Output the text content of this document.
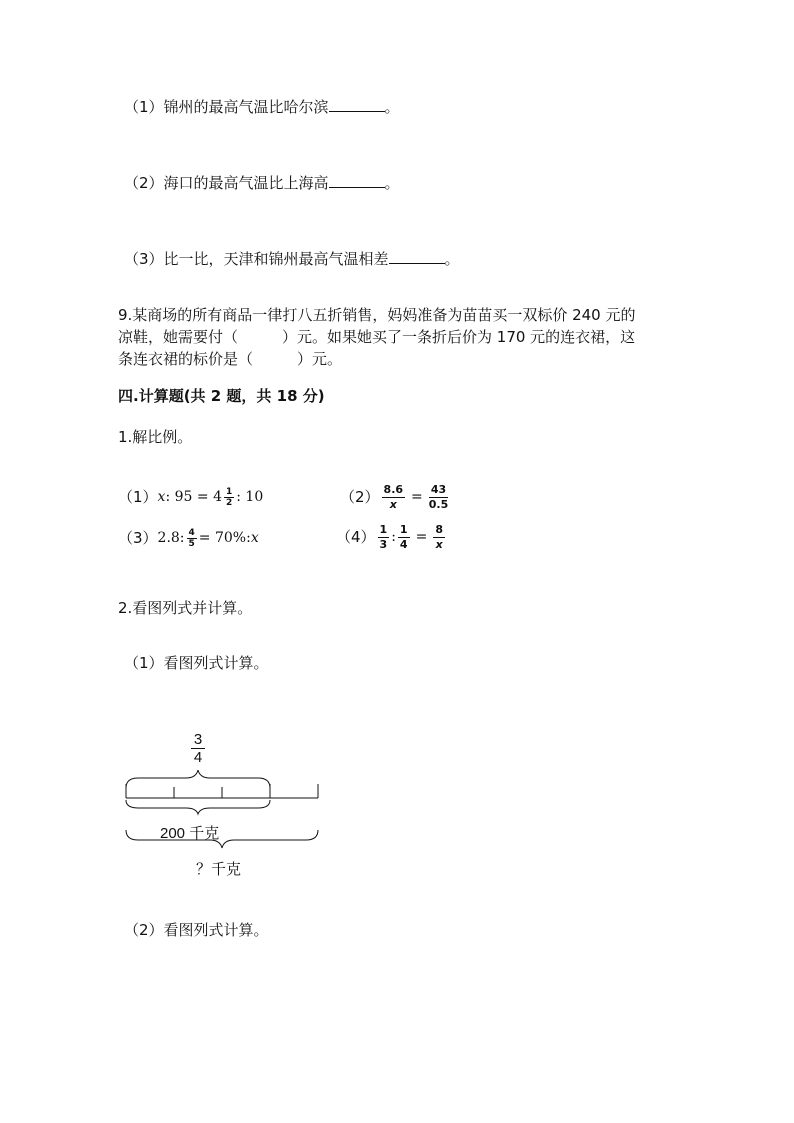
（1）锦州的最高气温比哈尔滨	。
（2）海口的最高气温比上海高	。
（3）比一比，天津和锦州最高气温相差	。
9.某商场的所有商品一律打八五折销售，妈妈准备为苗苗买一双标价 240 元的
凉鞋，她需要付（	）元。如果她买了一条折后价为 170 元的连衣裙，这
条连衣裙的标价是（	）元。
四.计算题(共 2 题，共 18 分)
1.解比例。
（1） x : $95 = 4 \frac{1}{2}$ : 10	$(2) \frac{8.6}{x} = \frac{43}{0.5}$
（3） 2.8: $\frac{4}{5} = 70\%$: x	$(4) \frac{1}{3}$ : $\frac{1}{4} = \frac{8}{x}$
2.看图列式并计算。
（1）看图列式计算。
3
4
200 千克
？千克
（2）看图列式计算。
